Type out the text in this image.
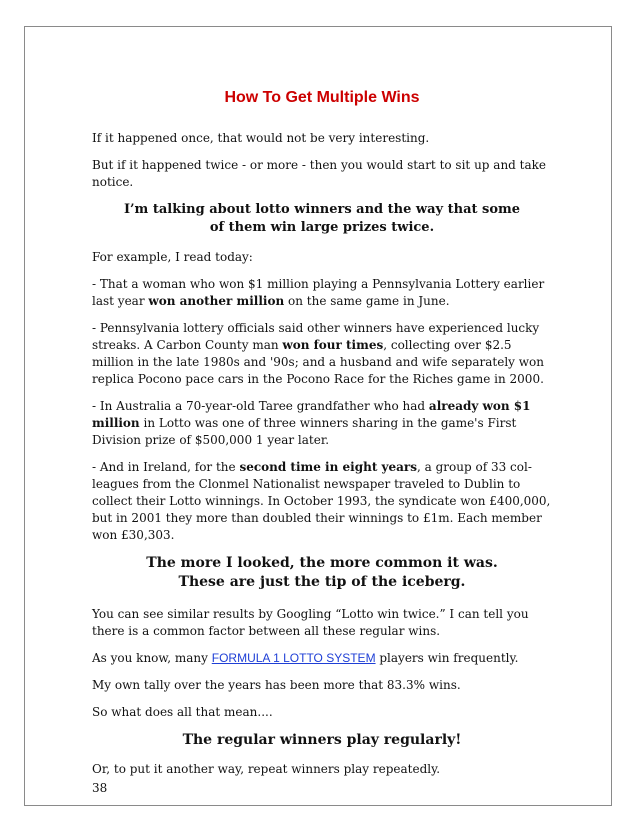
How To Get Multiple Wins

If it happened once, that would not be very interesting.

But if it happened twice - or more - then you would start to sit up and take notice.

I’m talking about lotto winners and the way that some of them win large prizes twice.

For example, I read today:

- That a woman who won $1 million playing a Pennsylvania Lottery earlier last year won another million on the same game in June.

- Pennsylvania lottery officials said other winners have experienced lucky streaks. A Carbon County man won four times, collecting over $2.5 million in the late 1980s and '90s; and a husband and wife separately won replica Pocono pace cars in the Pocono Race for the Riches game in 2000.

- In Australia a 70-year-old Taree grandfather who had already won $1 million in Lotto was one of three winners sharing in the game's First Division prize of $500,000 1 year later.

- And in Ireland, for the second time in eight years, a group of 33 col-leagues from the Clonmel Nationalist newspaper traveled to Dublin to collect their Lotto winnings. In October 1993, the syndicate won £400,000, but in 2001 they more than doubled their winnings to £1m. Each member won £30,303.

The more I looked, the more common it was. These are just the tip of the iceberg.

You can see similar results by Googling “Lotto win twice.” I can tell you there is a common factor between all these regular wins.

As you know, many FORMULA 1 LOTTO SYSTEM players win frequently.

My own tally over the years has been more that 83.3% wins.

So what does all that mean....

The regular winners play regularly!

Or, to put it another way, repeat winners play repeatedly.

38
